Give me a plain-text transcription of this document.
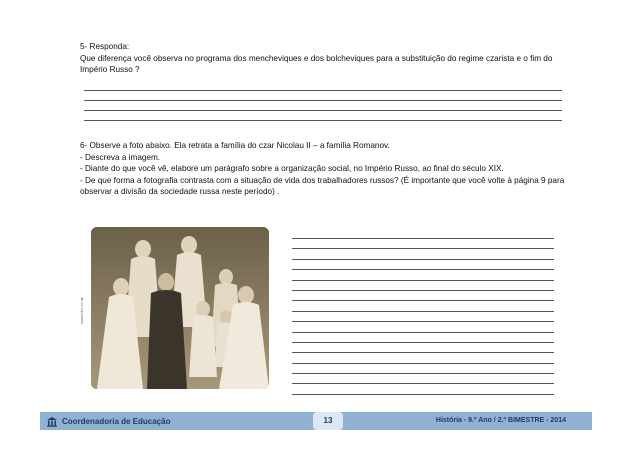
5- Responda:
Que diferença você observa no programa dos mencheviques e dos bolcheviques para a substituição do regime czarista e o fim do Império Russo ?

6- Observe a foto abaixo. Ela retrata a família do czar Nicolau II – a família Romanov.

- Descreva a imagem.

- Diante do que você vê, elabore um parágrafo sobre a organização social, no Império Russo, ao final do século XIX.

- De que forma a fotografia contrasta com a situação de vida dos trabalhadores russos? (É importante que você volte à página 9 para observar a divisão da sociedade russa neste período) .

www.bbc.co.uk
Coordenadoria de Educação	13	História - 9.º Ano / 2.º BIMESTRE - 2014
